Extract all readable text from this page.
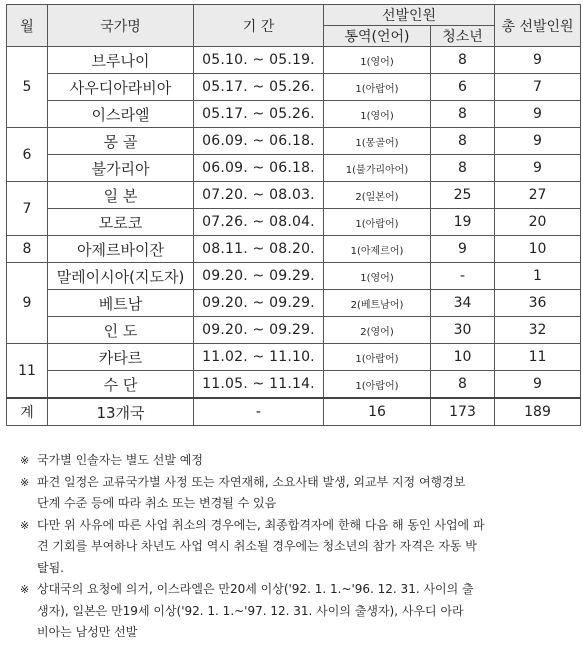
월	국가명	기 간	선발인원		총 선발인원
			통역(언어)	청소년	
5	브루나이	05.10. ~ 05.19.	1(영어)	8	9
	사우디아라비아	05.17. ~ 05.26.	1(아랍어)	6	7
	이스라엘	05.17. ~ 05.26.	1(영어)	8	9
6	몽 골	06.09. ~ 06.18.	1(몽골어)	8	9
	불가리아	06.09. ~ 06.18.	1(불가리아어)	8	9
7	일 본	07.20. ~ 08.03.	2(일본어)	25	27
	모로코	07.26. ~ 08.04.	1(아랍어)	19	20
8	아제르바이잔	08.11. ~ 08.20.	1(아제르어)	9	10
9	말레이시아(지도자)	09.20. ~ 09.29.	1(영어)	-	1
	베트남	09.20. ~ 09.29.	2(베트남어)	34	36
	인 도	09.20. ~ 09.29.	2(영어)	30	32
11	카타르	11.02. ~ 11.10.	1(아랍어)	10	11
	수 단	11.05. ~ 11.14.	1(아랍어)	8	9
계	13개국	-	16	173	189
※ 국가별 인솔자는 별도 선발 예정

※ 파견 일정은 교류국가별 사정 또는 자연재해, 소요사태 발생, 외교부 지정 여행경보

단계 수준 등에 따라 취소 또는 변경될 수 있음

※ 다만 위 사유에 따른 사업 취소의 경우에는, 최종합격자에 한해 다음 해 동인 사업에 파

견 기회를 부여하나 차년도 사업 역시 취소될 경우에는 청소년의 참가 자격은 자동 박

탈됨.

※ 상대국의 요청에 의거, 이스라엘은 만20세 이상('92. 1. 1.~'96. 12. 31. 사이의 출

생자), 일본은 만19세 이상('92. 1. 1.~'97. 12. 31. 사이의 출생자), 사우디 아라

비아는 남성만 선발
